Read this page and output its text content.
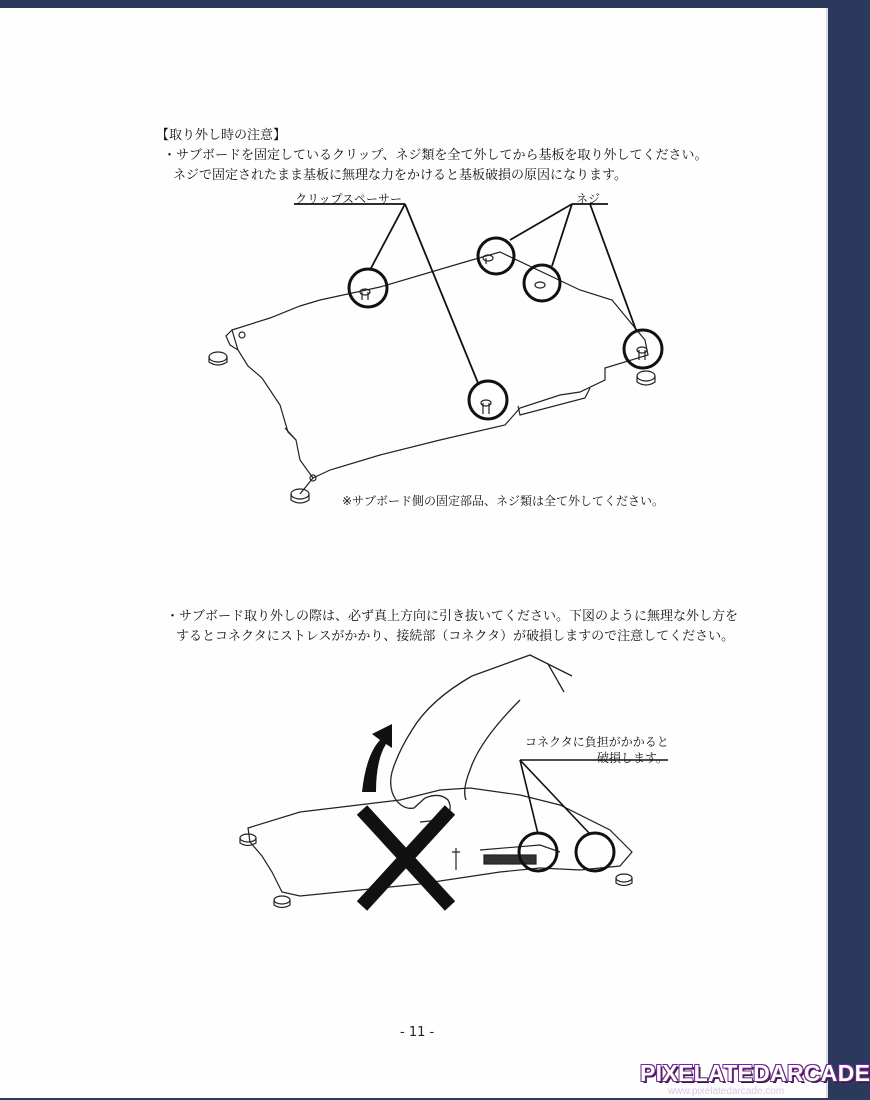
【取り外し時の注意】
・サブボードを固定しているクリップ、ネジ類を全て外してから基板を取り外してください。
ネジで固定されたまま基板に無理な力をかけると基板破損の原因になります。
クリップスペーサー	ネジ
※サブボード側の固定部品、ネジ類は全て外してください。
・サブボード取り外しの際は、必ず真上方向に引き抜いてください。下図のように無理な外し方を
するとコネクタにストレスがかかり、接続部（コネクタ）が破損しますので注意してください。
コネクタに負担がかかると
破損します。
- 11 -
PIXELATEDARCADE
www.pixelatedarcade.com
